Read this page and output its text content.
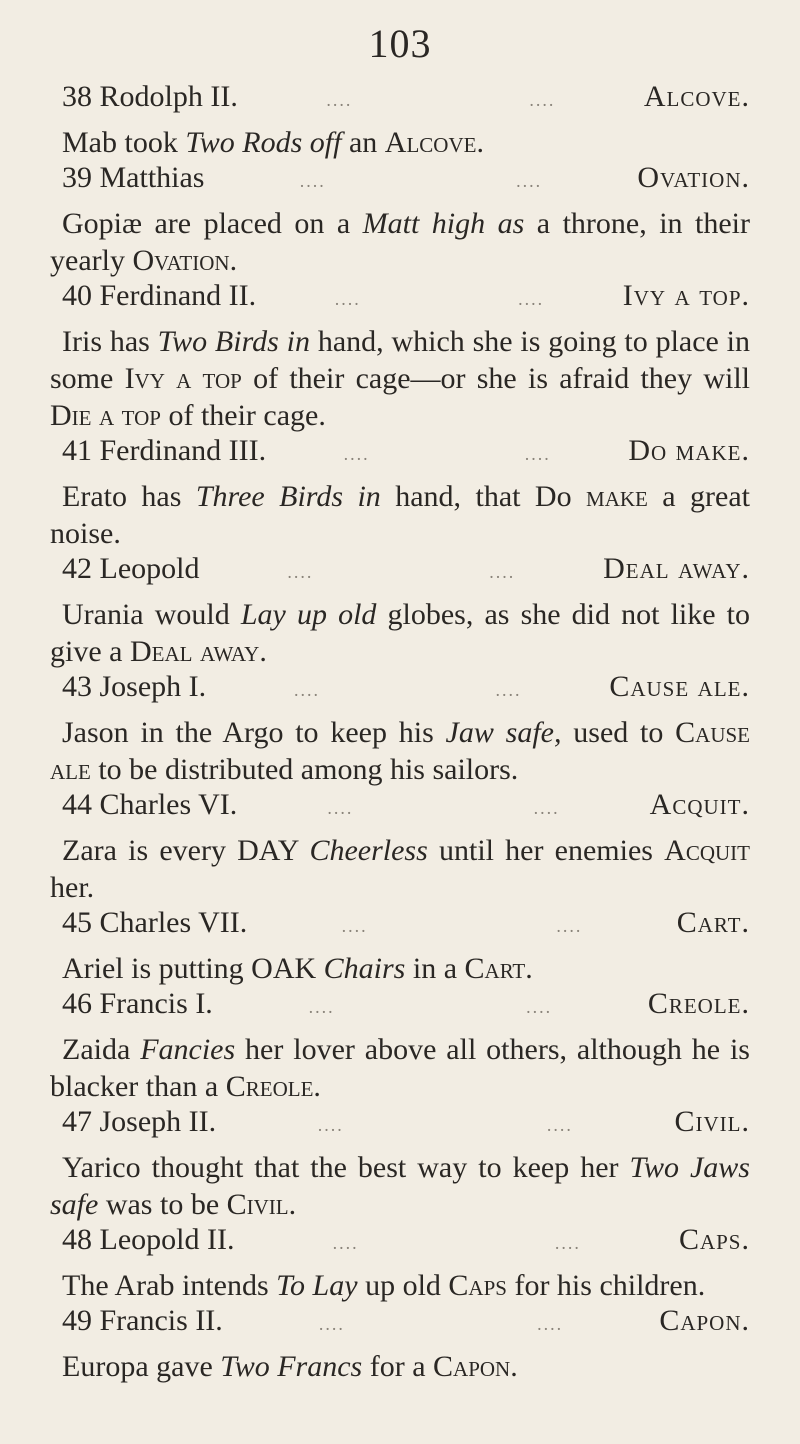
103
38 Rodolph II.	....	....	Alcove.

Mab took Two Rods off an Alcove.

39 Matthias	....	....	Ovation.

Gopiæ are placed on a Matt high as a throne, in their yearly Ovation.

40 Ferdinand II.	....	....	Ivy a top.

Iris has Two Birds in hand, which she is going to place in some Ivy a top of their cage—or she is afraid they will Die a top of their cage.

41 Ferdinand III.	....	....	Do make.

Erato has Three Birds in hand, that Do make a great noise.

42 Leopold	....	....	Deal away.

Urania would Lay up old globes, as she did not like to give a Deal away.

43 Joseph I.	....	....	Cause ale.

Jason in the Argo to keep his Jaw safe, used to Cause ale to be distributed among his sailors.

44 Charles VI.	....	....	Acquit.

Zara is every DAY Cheerless until her enemies Acquit her.

45 Charles VII.	....	....	Cart.

Ariel is putting OAK Chairs in a Cart.

46 Francis I.	....	....	Creole.

Zaida Fancies her lover above all others, although he is blacker than a Creole.

47 Joseph II.	....	....	Civil.

Yarico thought that the best way to keep her Two Jaws safe was to be Civil.

48 Leopold II.	....	....	Caps.

The Arab intends To Lay up old Caps for his children.

49 Francis II.	....	....	Capon.

Europa gave Two Francs for a Capon.
